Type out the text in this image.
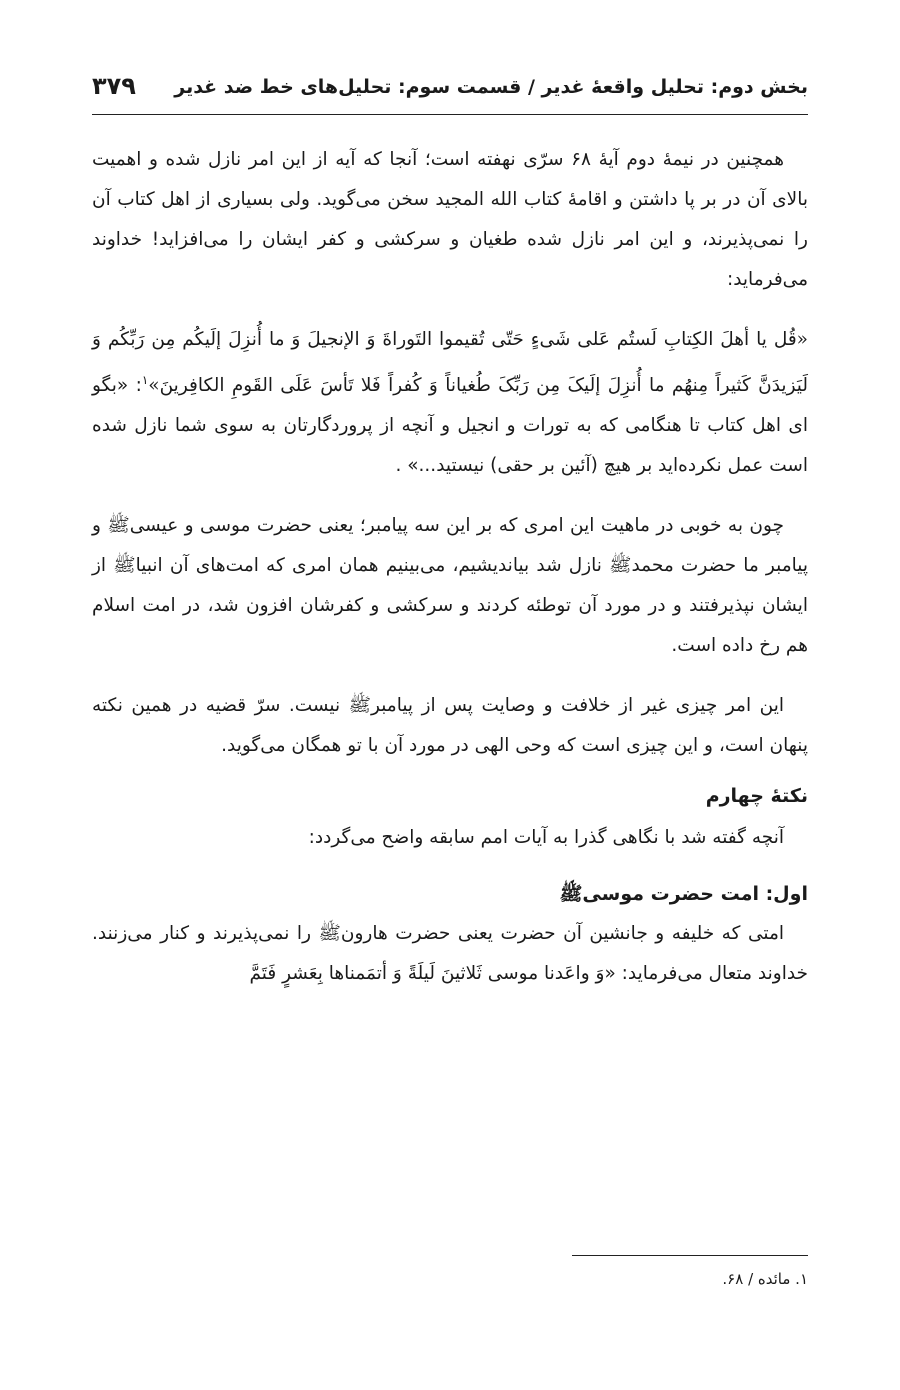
بخش دوم: تحلیل واقعۀ غدیر / قسمت سوم: تحلیل‌های خط ضد غدیر
۳۷۹

همچنین در نیمۀ دوم آیۀ ۶۸ سرّی نهفته است؛ آنجا که آیه از این امر نازل شده و اهمیت بالای آن در بر پا داشتن و اقامۀ کتاب الله المجید سخن می‌گوید. ولی بسیاری از اهل کتاب آن را نمی‌پذیرند، و این امر نازل شده طغیان و سرکشی و کفر ایشان را می‌افزاید! خداوند می‌فرماید:

«قُل یا أهلَ الکِتابِ لَستُم عَلی شَیءٍ حَتّی تُقیموا التَوراةَ وَ الإنجیلَ وَ ما أُنزِلَ إلَیکُم مِن رَبِّکُم وَ لَیَزیدَنَّ کَثیراً مِنهُم ما أُنزِلَ إلَیکَ مِن رَبِّکَ طُغیاناً وَ کُفراً فَلا تَأسَ عَلَی القَومِ الکافِرینَ»$^۱$: «بگو ای اهل کتاب تا هنگامی که به تورات و انجیل و آنچه از پروردگارتان به سوی شما نازل شده است عمل نکرده‌اید بر هیچ (آئین بر حقی) نیستید...» .

چون به خوبی در ماهیت این امری که بر این سه پیامبر؛ یعنی حضرت موسی و عیسی‌ﷺ و پیامبر ما حضرت محمدﷺ نازل شد بیاندیشیم، می‌بینیم همان امری که امت‌های آن انبیاﷺ از ایشان نپذیرفتند و در مورد آن توطئه کردند و سرکشی و کفرشان افزون شد، در امت اسلام هم رخ داده است.

این امر چیزی غیر از خلافت و وصایت پس از پیامبرﷺ نیست. سرّ قضیه در همین نکته پنهان است، و این چیزی است که وحی الهی در مورد آن با تو همگان می‌گوید.

نکتۀ چهارم

آنچه گفته شد با نگاهی گذرا به آیات امم سابقه واضح می‌گردد:

اول: امت حضرت موسیﷺ

امتی که خلیفه و جانشین آن حضرت یعنی حضرت هارونﷺ را نمی‌پذیرند و کنار می‌زنند. خداوند متعال می‌فرماید: «وَ واعَدنا موسی ثَلاثینَ لَیلَةً وَ أتمَمناها بِعَشرٍ فَتَمَّ

۱. مائده / ۶۸.
